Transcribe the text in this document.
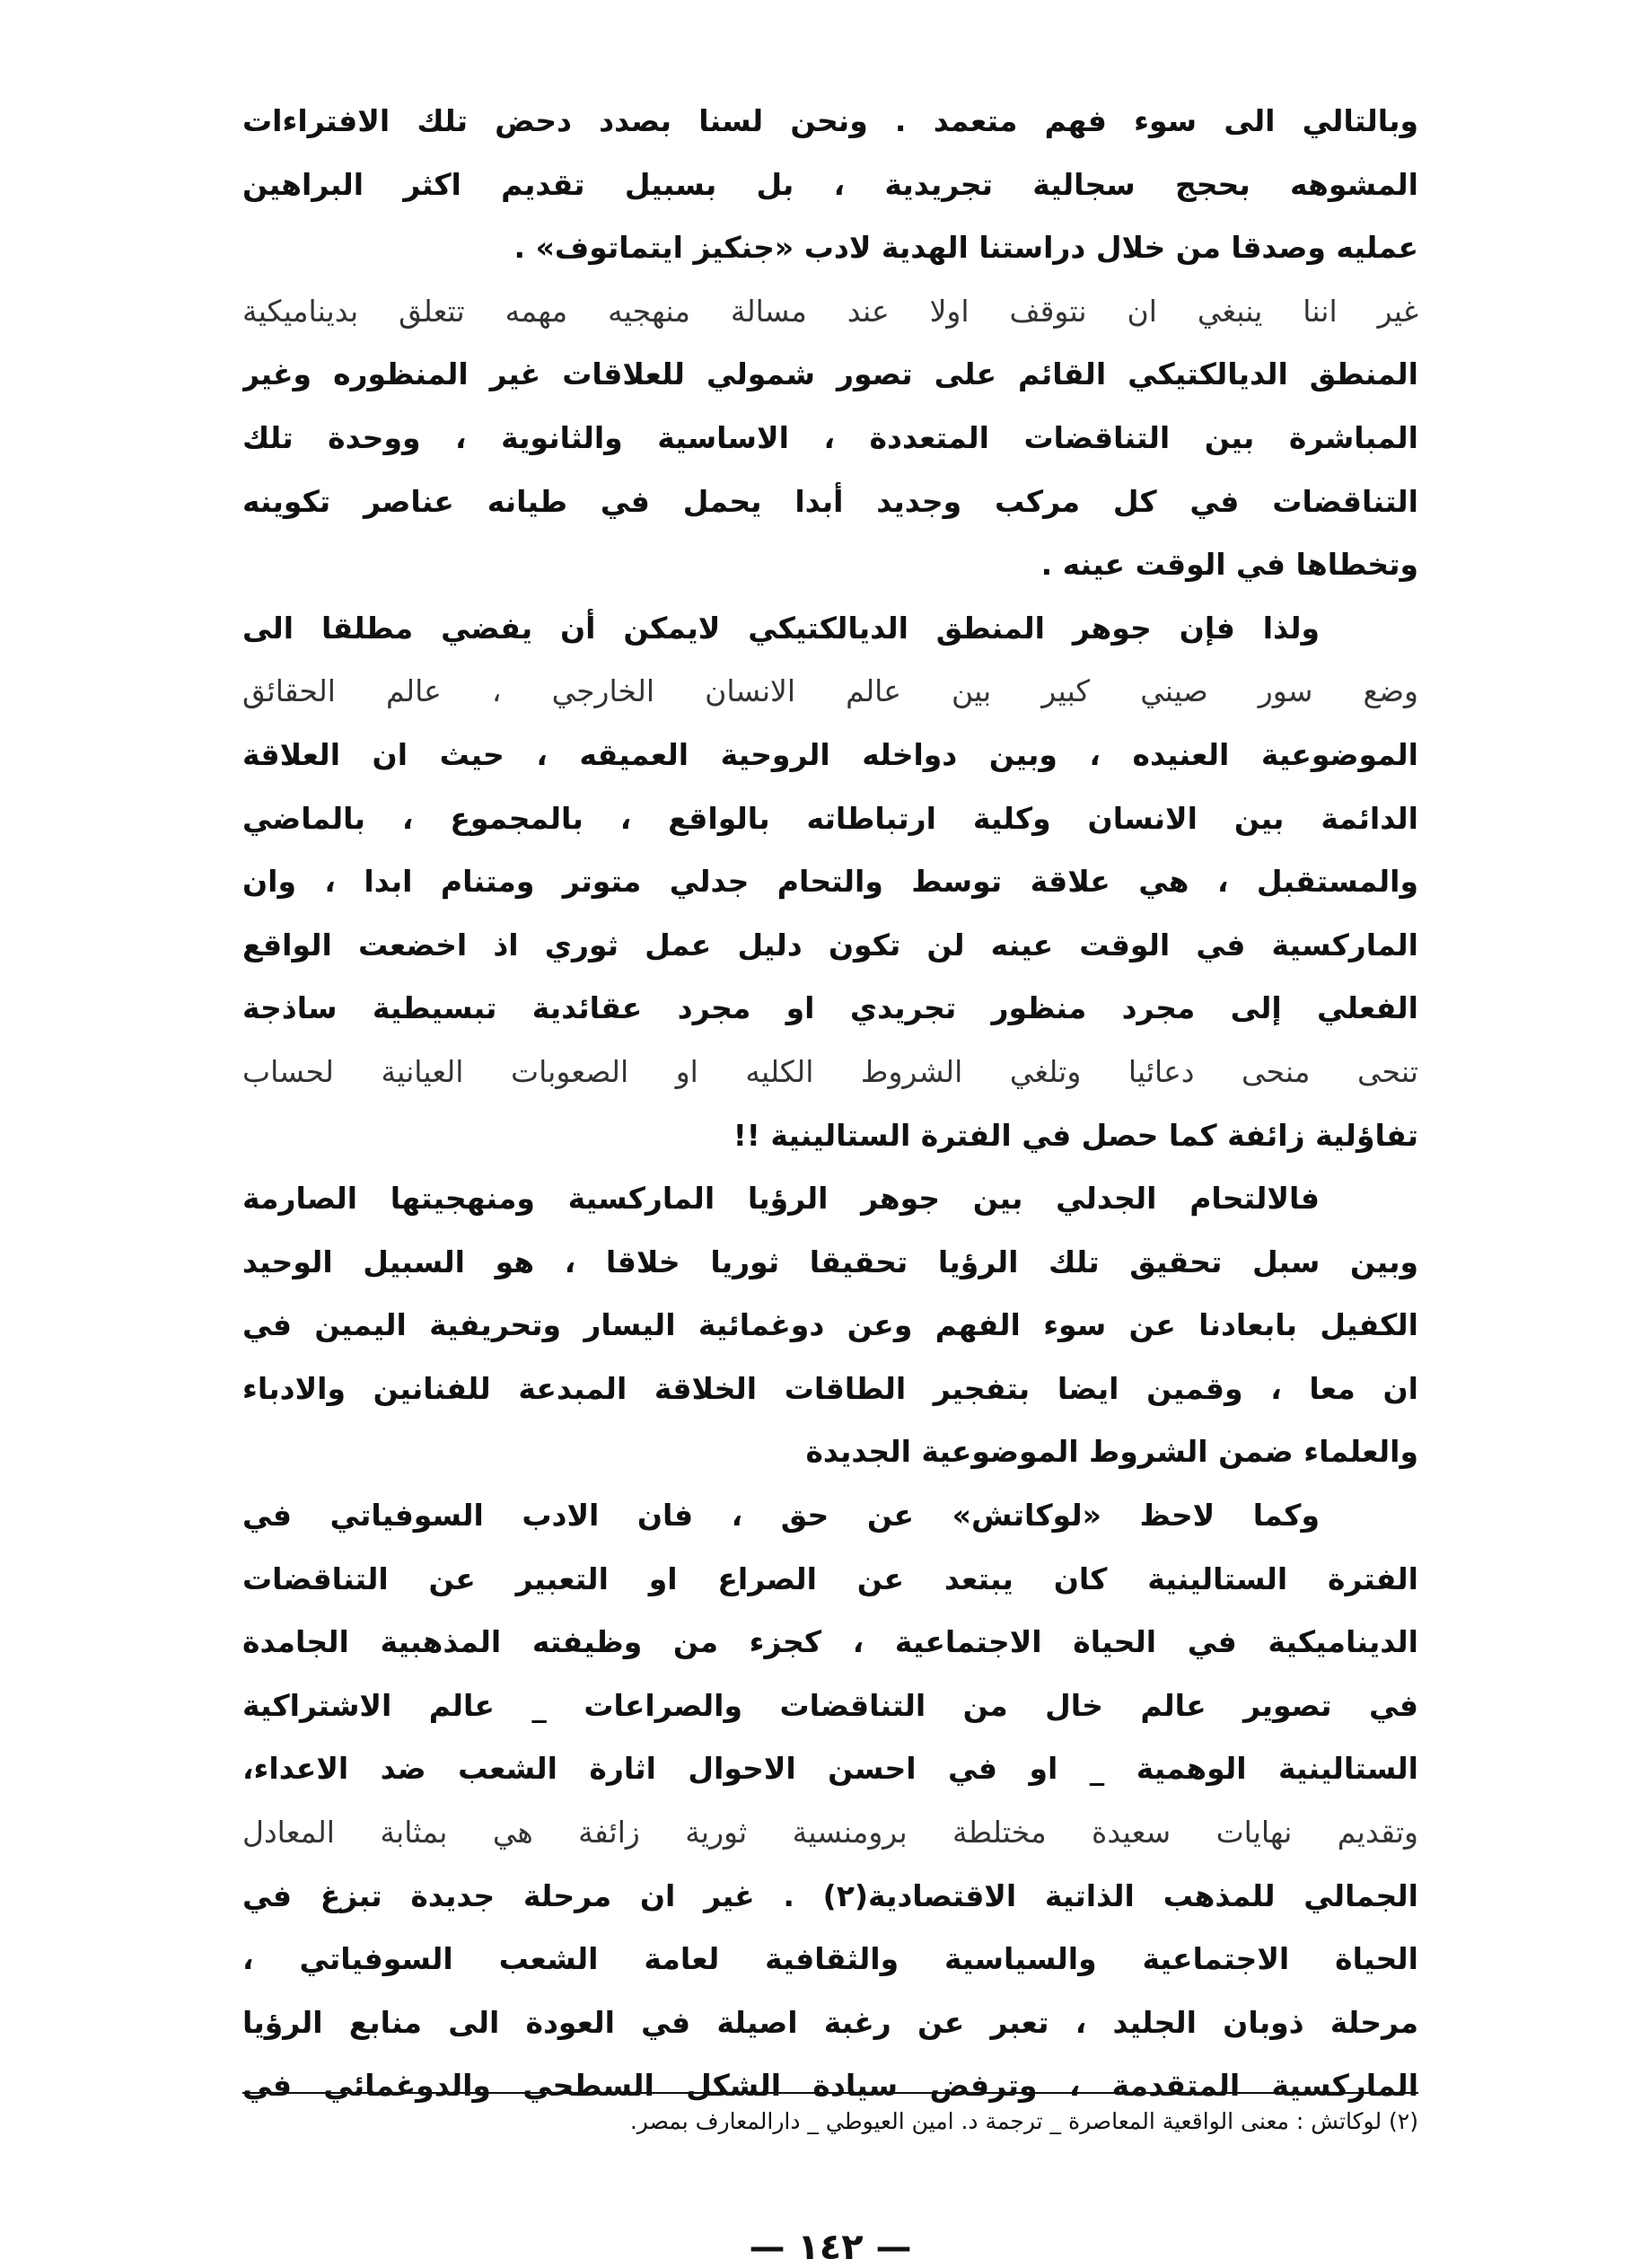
وبالتالي الى سوء فهم متعمد . ونحن لسنا بصدد دحض تلك الافتراءات
المشوهه بحجج سجالية تجريدية ، بل بسبيل تقديم اكثر البراهين
عمليه وصدقا من خلال دراستنا الهدية لادب «جنكيز ايتماتوف» .
غير اننا ينبغي ان نتوقف اولا عند مسالة منهجيه مهمه تتعلق بديناميكية
المنطق الديالكتيكي القائم على تصور شمولي للعلاقات غير المنظوره وغير
المباشرة بين التناقضات المتعددة ، الاساسية والثانوية ، ووحدة تلك
التناقضات في كل مركب وجديد أبدا يحمل في طيانه عناصر تكوينه
وتخطاها في الوقت عينه .
ولذا فإن جوهر المنطق الديالكتيكي لايمكن أن يفضي مطلقا الى
وضع سور صيني كبير بين عالم الانسان الخارجي ، عالم الحقائق
الموضوعية العنيده ، وبين دواخله الروحية العميقه ، حيث ان العلاقة
الدائمة بين الانسان وكلية ارتباطاته بالواقع ، بالمجموع ، بالماضي
والمستقبل ، هي علاقة توسط والتحام جدلي متوتر ومتنام ابدا ، وان
الماركسية في الوقت عينه لن تكون دليل عمل ثوري اذ اخضعت الواقع
الفعلي إلى مجرد منظور تجريدي او مجرد عقائدية تبسيطية ساذجة
تنحى منحى دعائيا وتلغي الشروط الكليه او الصعوبات العيانية لحساب
تفاؤلية زائفة كما حصل في الفترة الستالينية !!
فالالتحام الجدلي بين جوهر الرؤيا الماركسية ومنهجيتها الصارمة
وبين سبل تحقيق تلك الرؤيا تحقيقا ثوريا خلاقا ، هو السبيل الوحيد
الكفيل بابعادنا عن سوء الفهم وعن دوغمائية اليسار وتحريفية اليمين في
ان معا ، وقمين ايضا بتفجير الطاقات الخلاقة المبدعة للفنانين والادباء
والعلماء ضمن الشروط الموضوعية الجديدة
وكما لاحظ «لوكاتش» عن حق ، فان الادب السوفياتي في
الفترة الستالينية كان يبتعد عن الصراع او التعبير عن التناقضات
الديناميكية في الحياة الاجتماعية ، كجزء من وظيفته المذهبية الجامدة
في تصوير عالم خال من التناقضات والصراعات _ عالم الاشتراكية
الستالينية الوهمية _ او في احسن الاحوال اثارة الشعب ضد الاعداء،
وتقديم نهايات سعيدة مختلطة برومنسية ثورية زائفة هي بمثابة المعادل
الجمالي للمذهب الذاتية الاقتصادية(٢) . غير ان مرحلة جديدة تبزغ في
الحياة الاجتماعية والسياسية والثقافية لعامة الشعب السوفياتي ،
مرحلة ذوبان الجليد ، تعبر عن رغبة اصيلة في العودة الى منابع الرؤيا
الماركسية المتقدمة ، وترفض سيادة الشكل السطحي والدوغمائي في
(٢) لوكاتش : معنى الواقعية المعاصرة _ ترجمة د. امين العيوطي _ دارالمعارف بمصر.
— ١٤٢ —
